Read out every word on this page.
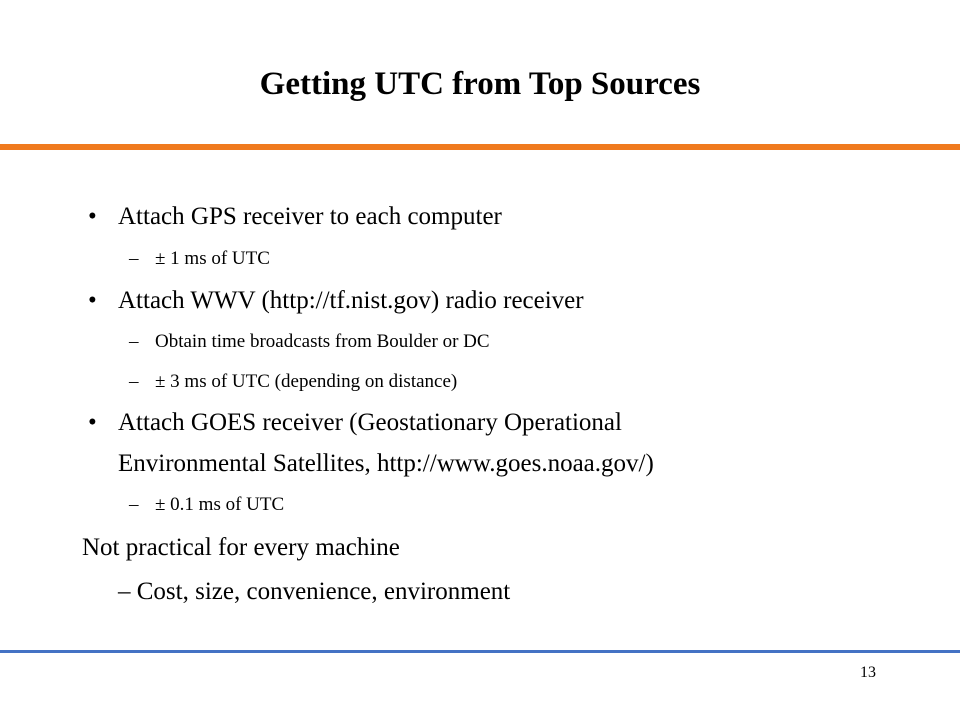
Getting UTC from Top Sources
• Attach GPS receiver to each computer
– ± 1 ms of UTC
• Attach WWV (http://tf.nist.gov) radio receiver
– Obtain time broadcasts from Boulder or DC
– ± 3 ms of UTC (depending on distance)
• Attach GOES receiver (Geostationary Operational
Environmental Satellites, http://www.goes.noaa.gov/)
– ± 0.1 ms of UTC
Not practical for every machine
– Cost, size, convenience, environment
13
